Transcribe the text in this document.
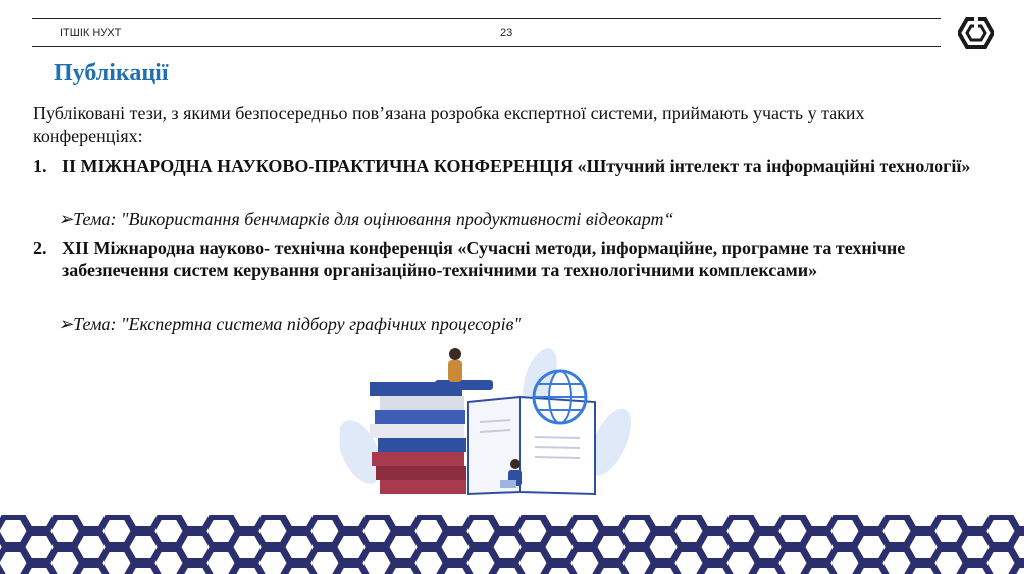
ІТШІК НУХТ	23
Публікації
Публіковані тези, з якими безпосередньо пов’язана розробка експертної системи, приймають участь у таких конференціях:
1. ІІ МІЖНАРОДНА НАУКОВО-ПРАКТИЧНА КОНФЕРЕНЦІЯ «Штучний інтелект та інформаційні технології»
➢Тема: "Використання бенчмарків для оцінювання продуктивності відеокарт“
2. XII Міжнародна науково- технічна конференція «Сучасні методи, інформаційне, програмне та технічне забезпечення систем керування організаційно-технічними та технологічними комплексами»
➢Тема: "Експертна система підбору графічних процесорів"
